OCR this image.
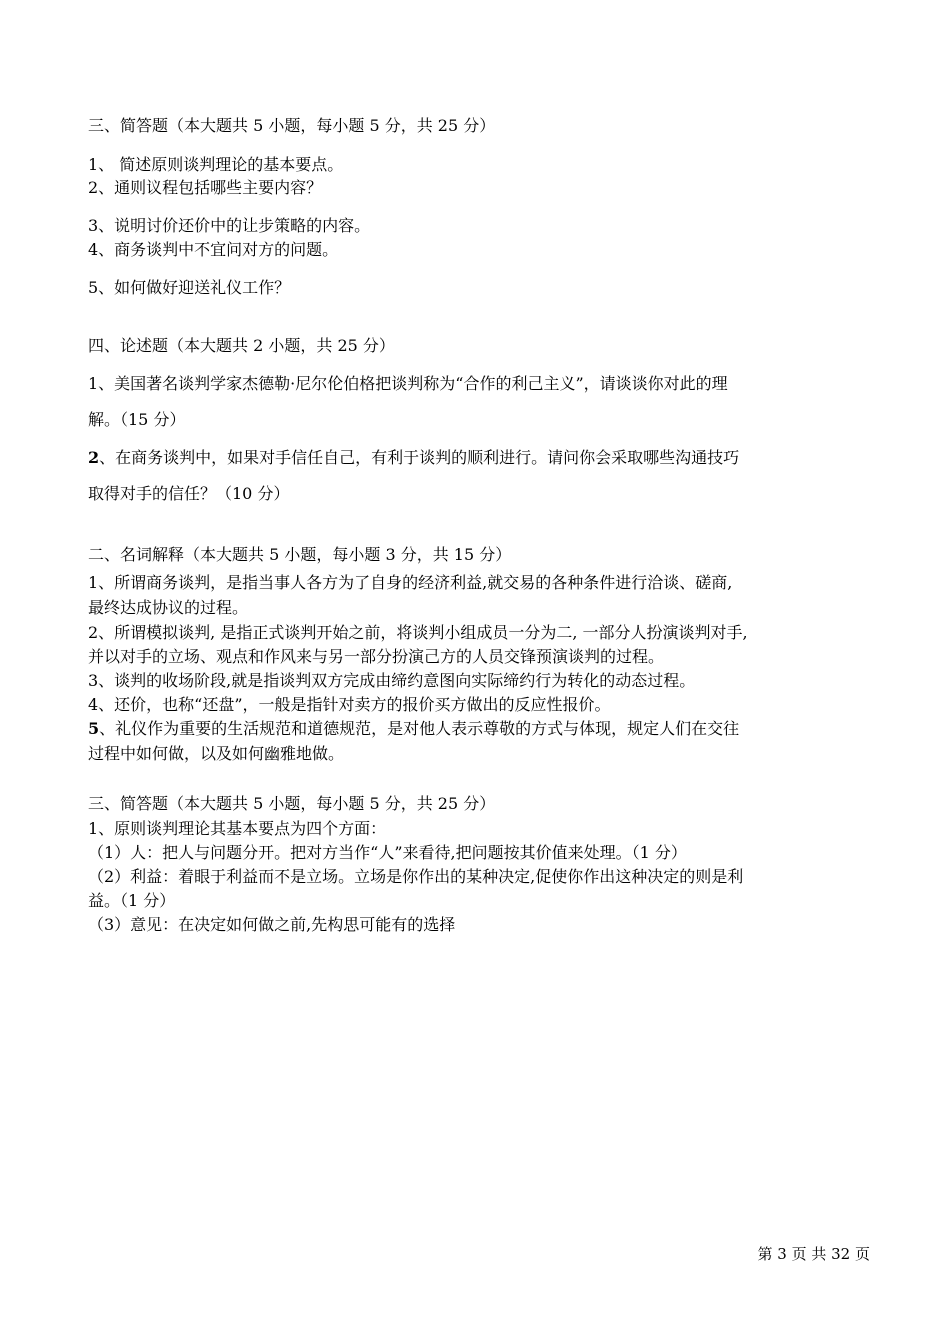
三、简答题（本大题共 5 小题，每小题 5 分，共 25 分）
1、 简述原则谈判理论的基本要点。
2、通则议程包括哪些主要内容？
3、说明讨价还价中的让步策略的内容。
4、商务谈判中不宜问对方的问题。
5、如何做好迎送礼仪工作？
四、论述题（本大题共 2 小题，共 25 分）
1、美国著名谈判学家杰德勒·尼尔伦伯格把谈判称为“合作的利己主义”，请谈谈你对此的理
解。（15 分）
2、在商务谈判中，如果对手信任自己，有利于谈判的顺利进行。请问你会采取哪些沟通技巧
取得对手的信任？（10 分）
二、名词解释（本大题共 5 小题，每小题 3 分，共 15 分）
1、所谓商务谈判，是指当事人各方为了自身的经济利益,就交易的各种条件进行洽谈、磋商,
最终达成协议的过程。
2、所谓模拟谈判, 是指正式谈判开始之前，将谈判小组成员一分为二, 一部分人扮演谈判对手,
并以对手的立场、观点和作风来与另一部分扮演己方的人员交锋预演谈判的过程。
3、谈判的收场阶段,就是指谈判双方完成由缔约意图向实际缔约行为转化的动态过程。
4、还价，也称“还盘”，一般是指针对卖方的报价买方做出的反应性报价。
5、礼仪作为重要的生活规范和道德规范，是对他人表示尊敬的方式与体现，规定人们在交往
过程中如何做，以及如何幽雅地做。
三、简答题（本大题共 5 小题，每小题 5 分，共 25 分）
1、原则谈判理论其基本要点为四个方面：
（1）人：把人与问题分开。把对方当作“人”来看待,把问题按其价值来处理。（1 分）
（2）利益：着眼于利益而不是立场。立场是你作出的某种决定,促使你作出这种决定的则是利
益。（1 分）
（3）意见：在决定如何做之前,先构思可能有的选择
第 3 页 共 32 页
